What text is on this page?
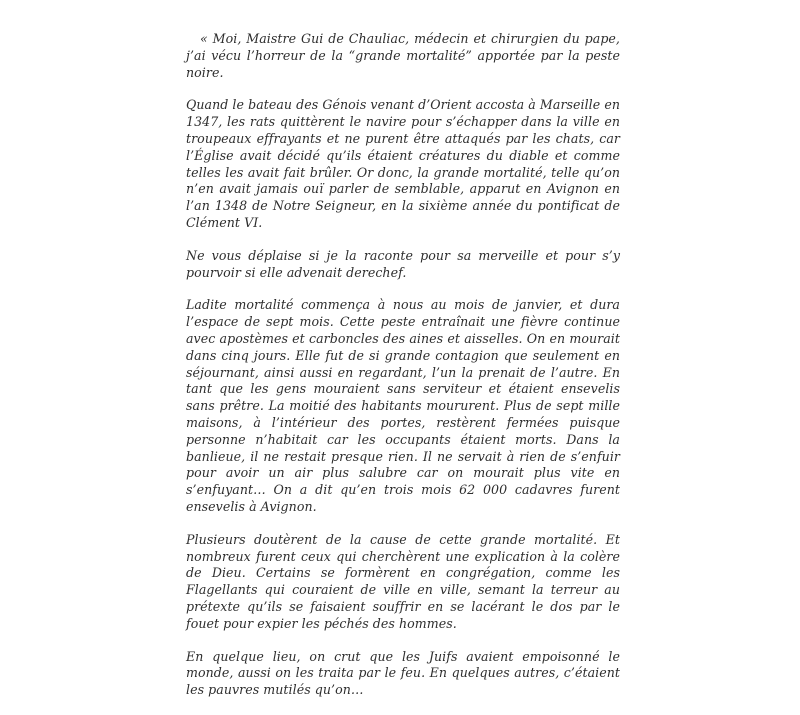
« Moi, Maistre Gui de Chauliac, médecin et chirurgien du pape, j’ai vécu l’horreur de la “grande mortalité” apportée par la peste noire.

Quand le bateau des Génois venant d’Orient accosta à Marseille en 1347, les rats quittèrent le navire pour s’échapper dans la ville en troupeaux effrayants et ne purent être attaqués par les chats, car l’Église avait décidé qu’ils étaient créatures du diable et comme telles les avait fait brûler. Or donc, la grande mortalité, telle qu’on n’en avait jamais ouï parler de semblable, apparut en Avignon en l’an 1348 de Notre Seigneur, en la sixième année du pontificat de Clément VI.

Ne vous déplaise si je la raconte pour sa merveille et pour s’y pourvoir si elle advenait derechef.

Ladite mortalité commença à nous au mois de janvier, et dura l’espace de sept mois. Cette peste entraînait une fièvre continue avec apostèmes et carboncles des aines et aisselles. On en mourait dans cinq jours. Elle fut de si grande contagion que seulement en séjournant, ainsi aussi en regardant, l’un la prenait de l’autre. En tant que les gens mouraient sans serviteur et étaient ensevelis sans prêtre. La moitié des habitants moururent. Plus de sept mille maisons, à l’intérieur des portes, restèrent fermées puisque personne n’habitait car les occupants étaient morts. Dans la banlieue, il ne restait presque rien. Il ne servait à rien de s’enfuir pour avoir un air plus salubre car on mourait plus vite en s’enfuyant… On a dit qu’en trois mois 62 000 cadavres furent ensevelis à Avignon.

Plusieurs doutèrent de la cause de cette grande mortalité. Et nombreux furent ceux qui cherchèrent une explication à la colère de Dieu. Certains se formèrent en congrégation, comme les Flagellants qui couraient de ville en ville, semant la terreur au prétexte qu’ils se faisaient souffrir en se lacérant le dos par le fouet pour expier les péchés des hommes.

En quelque lieu, on crut que les Juifs avaient empoisonné le monde, aussi on les traita par le feu. En quelques autres, c’étaient les pauvres mutilés qu’on…
